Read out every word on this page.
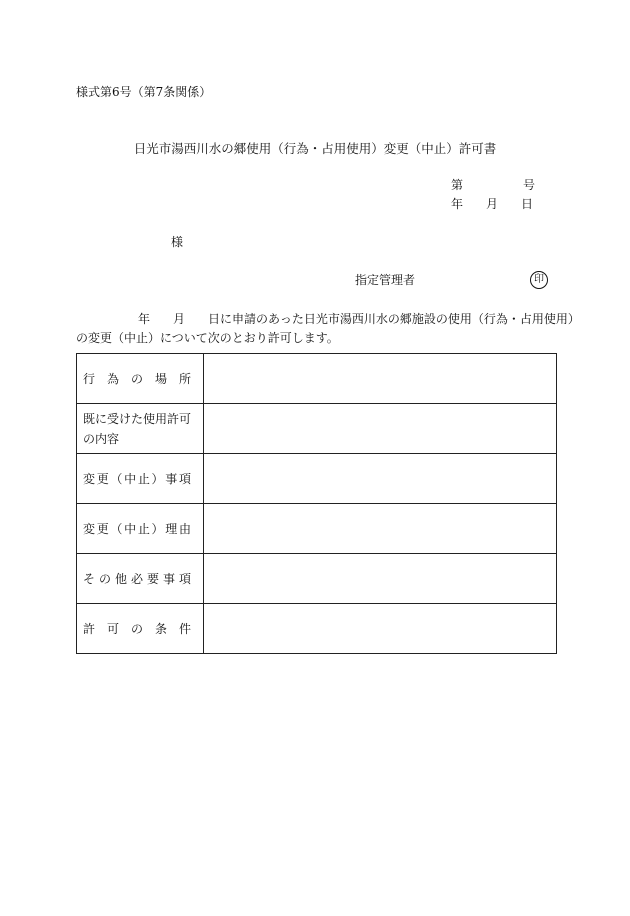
様式第6号（第7条関係）
日光市湯西川水の郷使用（行為・占用使用）変更（中止）許可書
第	号
年 月 日
様
指定管理者	印
年 月 日に申請のあった日光市湯西川水の郷施設の使用（行為・占用使用）
の変更（中止）について次のとおり許可します。
行為の場所	

既に受けた使用許可の内容	

変更（中止）事項	

変更（中止）理由	

その他必要事項	

許可の条件	
